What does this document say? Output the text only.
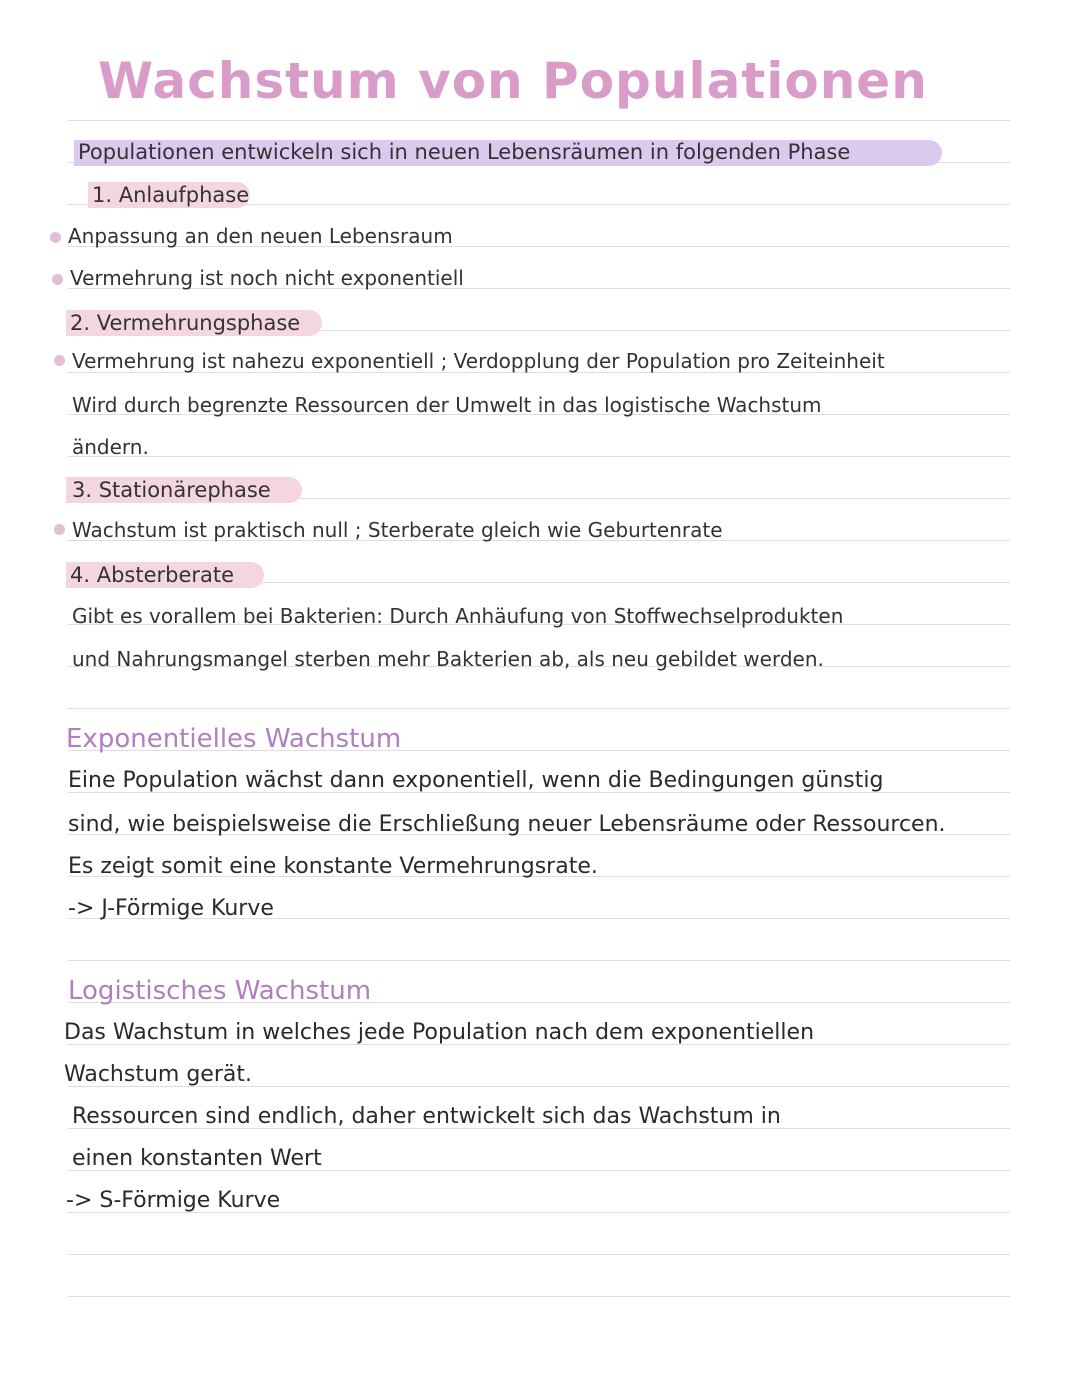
Wachstum von Populationen
Populationen entwickeln sich in neuen Lebensräumen in folgenden Phase
1. Anlaufphase
Anpassung an den neuen Lebensraum
Vermehrung ist noch nicht exponentiell
2. Vermehrungsphase
Vermehrung ist nahezu exponentiell ; Verdopplung der Population pro Zeiteinheit
Wird durch begrenzte Ressourcen der Umwelt in das logistische Wachstum
ändern.
3. Stationärephase
Wachstum ist praktisch null ; Sterberate gleich wie Geburtenrate
4. Absterberate
Gibt es vorallem bei Bakterien: Durch Anhäufung von Stoffwechselprodukten
und Nahrungsmangel sterben mehr Bakterien ab, als neu gebildet werden.
Exponentielles Wachstum
Eine Population wächst dann exponentiell, wenn die Bedingungen günstig
sind, wie beispielsweise die Erschließung neuer Lebensräume oder Ressourcen.
Es zeigt somit eine konstante Vermehrungsrate.
-> J-Förmige Kurve
Logistisches Wachstum
Das Wachstum in welches jede Population nach dem exponentiellen
Wachstum gerät.
Ressourcen sind endlich, daher entwickelt sich das Wachstum in
einen konstanten Wert
-> S-Förmige Kurve
